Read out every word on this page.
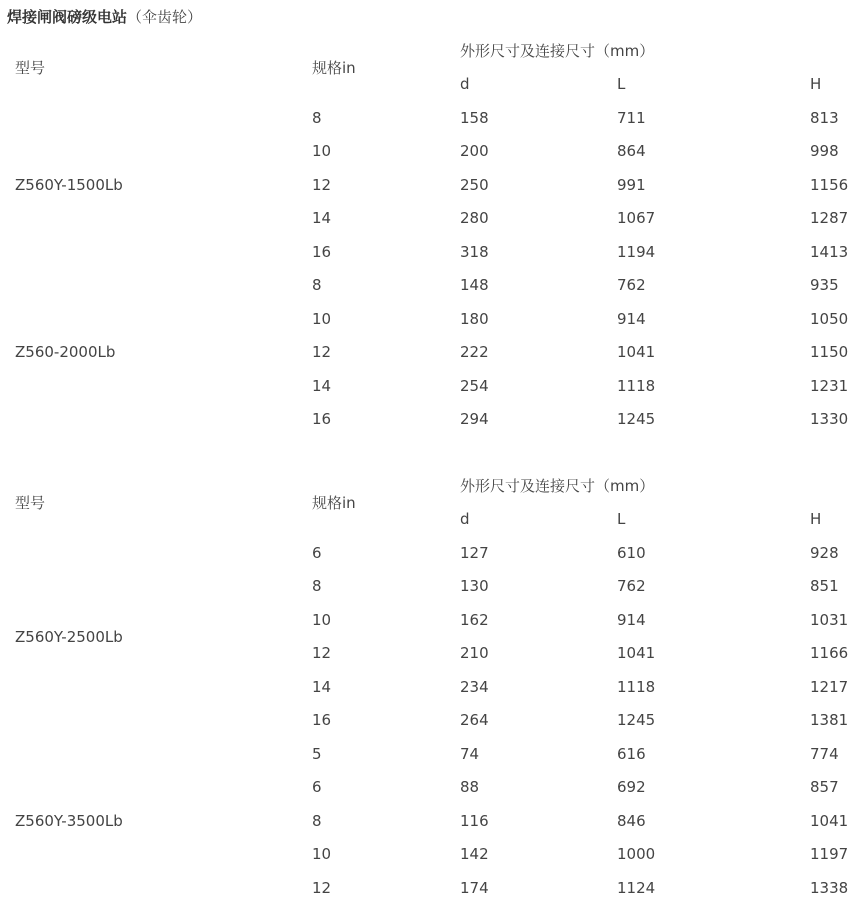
焊接闸阀磅级电站（伞齿轮）
型号	规格in	外形尺寸及连接尺寸（mm）		
		d	L	H
Z560Y-1500Lb	8	158	711	813
	10	200	864	998
	12	250	991	1156
	14	280	1067	1287
	16	318	1194	1413
Z560-2000Lb	8	148	762	935
	10	180	914	1050
	12	222	1041	1150
	14	254	1118	1231
	16	294	1245	1330
型号	规格in	外形尺寸及连接尺寸（mm）		
		d	L	H
Z560Y-2500Lb	6	127	610	928
	8	130	762	851
	10	162	914	1031
	12	210	1041	1166
	14	234	1118	1217
	16	264	1245	1381
Z560Y-3500Lb	5	74	616	774
	6	88	692	857
	8	116	846	1041
	10	142	1000	1197
	12	174	1124	1338
